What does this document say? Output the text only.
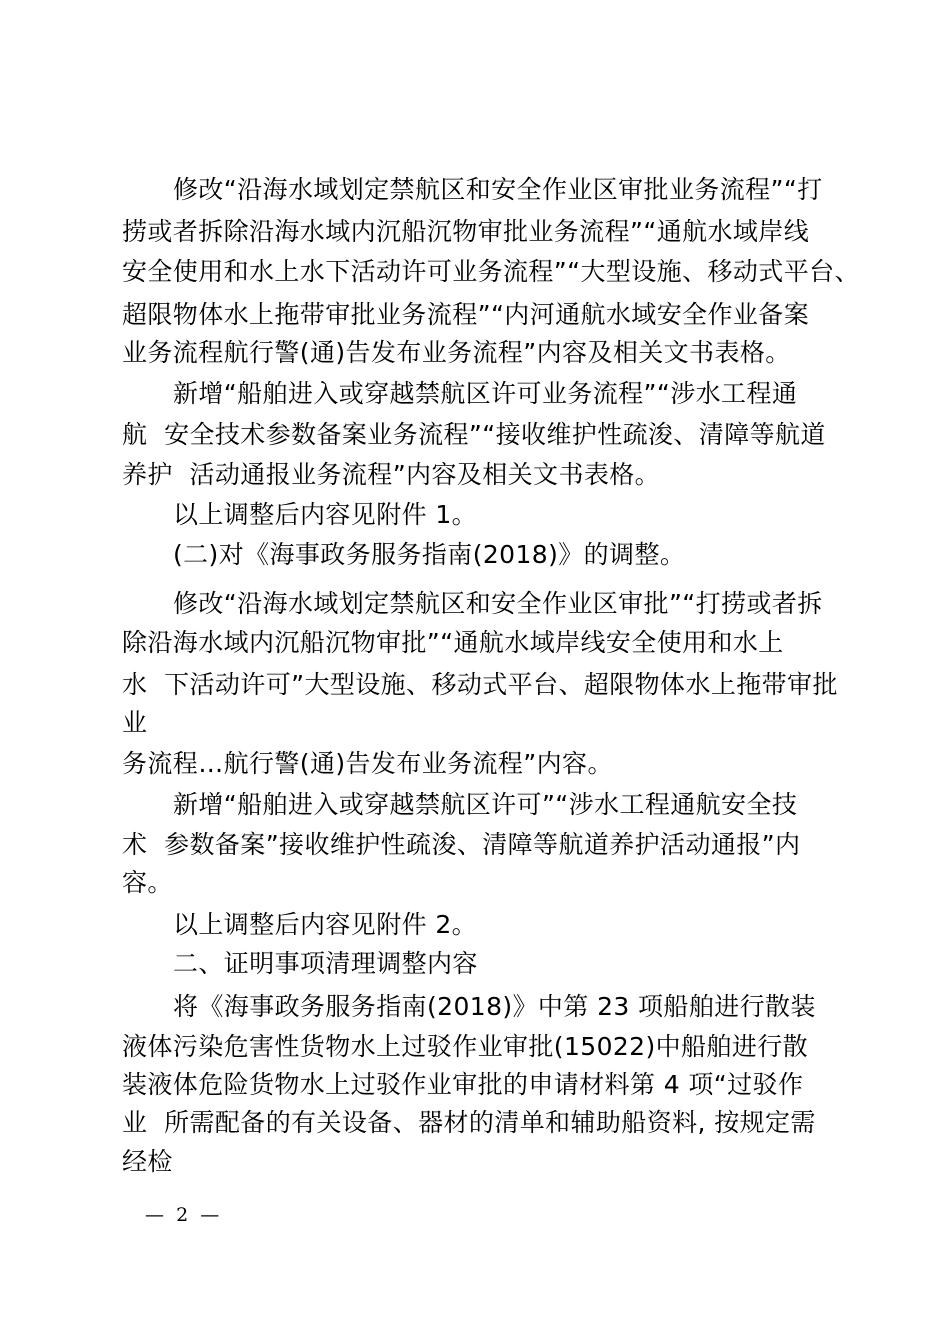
修改“沿海水域划定禁航区和安全作业区审批业务流程”“打
捞或者拆除沿海水域内沉船沉物审批业务流程”“通航水域岸线
安全使用和水上水下活动许可业务流程”“大型设施、移动式平台、
超限物体水上拖带审批业务流程”“内河通航水域安全作业备案
业务流程航行警(通)告发布业务流程”内容及相关文书表格。
新增“船舶进入或穿越禁航区许可业务流程”“涉水工程通
航  安全技术参数备案业务流程”“接收维护性疏浚、清障等航道
养护  活动通报业务流程”内容及相关文书表格。
以上调整后内容见附件 1。
(二)对《海事政务服务指南(2018)》的调整。
修改“沿海水域划定禁航区和安全作业区审批”“打捞或者拆
除沿海水域内沉船沉物审批”“通航水域岸线安全使用和水上
水  下活动许可”大型设施、移动式平台、超限物体水上拖带审批
业
务流程…航行警(通)告发布业务流程”内容。
新增“船舶进入或穿越禁航区许可”“涉水工程通航安全技
术  参数备案”接收维护性疏浚、清障等航道养护活动通报”内
容。
以上调整后内容见附件 2。
二、证明事项清理调整内容
将《海事政务服务指南(2018)》中第 23 项船舶进行散装
液体污染危害性货物水上过驳作业审批(15022)中船舶进行散
装液体危险货物水上过驳作业审批的申请材料第 4 项“过驳作
业  所需配备的有关设备、器材的清单和辅助船资料, 按规定需
经检
—  2  —
